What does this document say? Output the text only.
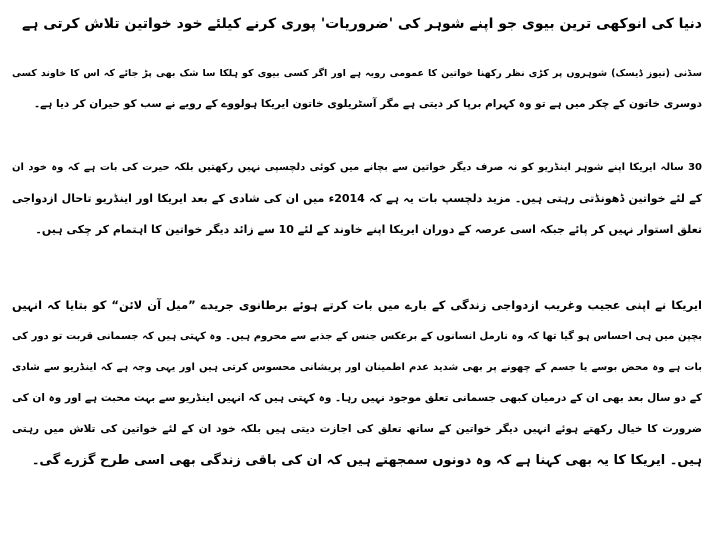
دنیا کی انوکھی ترین بیوی جو اپنے شوہر کی 'ضروریات' پوری کرنے کیلئے خود خواتین تلاش کرتی ہے
سڈنی (نیوز ڈیسک) شوہروں پر کڑی نظر رکھنا خواتین کا عمومی رویہ ہے اور اگر کسی بیوی کو ہلکا سا شک بھی پڑ جائے کہ اس کا خاوند کسی
دوسری خاتون کے چکر میں ہے تو وہ کہرام برپا کر دیتی ہے مگر آسٹریلوی خاتون ایریکا ہولووے کے رویے نے سب کو حیران کر دیا ہے۔
30 سالہ ایریکا اپنے شوہر اینڈریو کو نہ صرف دیگر خواتین سے بچانے میں کوئی دلچسپی نہیں رکھتیں بلکہ حیرت کی بات ہے کہ وہ خود ان
کے لئے خواتین ڈھونڈتی رہتی ہیں۔ مزید دلچسپ بات یہ ہے کہ 2014ء میں ان کی شادی کے بعد ایریکا اور اینڈریو تاحال ازدواجی
تعلق استوار نہیں کر پائے جبکہ اسی عرصہ کے دوران ایریکا اپنے خاوند کے لئے 10 سے زائد دیگر خواتین کا اہتمام کر چکی ہیں۔
ایریکا نے اپنی عجیب وغریب ازدواجی زندگی کے بارے میں بات کرتے ہوئے برطانوی جریدے ”میل آن لائن“ کو بتایا کہ انہیں
بچپن میں ہی احساس ہو گیا تھا کہ وہ نارمل انسانوں کے برعکس جنس کے جذبے سے محروم ہیں۔ وہ کہتی ہیں کہ جسمانی قربت تو دور کی
بات ہے وہ محض بوسے یا جسم کے چھونے پر بھی شدید عدم اطمینان اور پریشانی محسوس کرتی ہیں اور یہی وجہ ہے کہ اینڈریو سے شادی
کے دو سال بعد بھی ان کے درمیان کبھی جسمانی تعلق موجود نہیں رہا۔ وہ کہتی ہیں کہ انہیں اینڈریو سے بہت محبت ہے اور وہ ان کی
ضرورت کا خیال رکھتے ہوئے انہیں دیگر خواتین کے ساتھ تعلق کی اجازت دیتی ہیں بلکہ خود ان کے لئے خواتین کی تلاش میں رہتی
ہیں۔ ایریکا کا یہ بھی کہنا ہے کہ وہ دونوں سمجھتے ہیں کہ ان کی باقی زندگی بھی اسی طرح گزرے گی۔
